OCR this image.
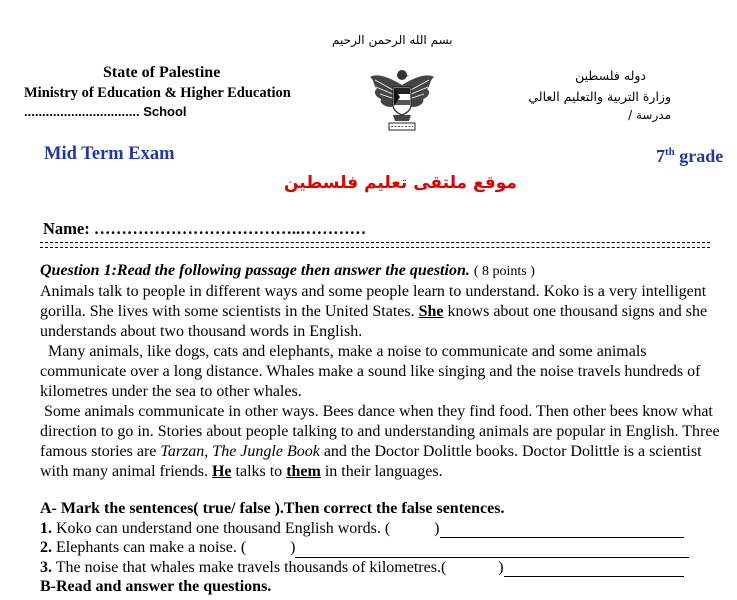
بسم الله الرحمن الرحيم
State of Palestine
Ministry of Education & Higher Education
................................ School
دوله فلسطين
وزارة التربية والتعليم العالي
مدرسة /
Mid Term Exam	7th grade
موقع ملتقى تعليم فلسطين
Name: ………………………………..…………

Question 1:Read the following passage then answer the question. ( 8 points )

Animals talk to people in different ways and some people learn to understand. Koko is a very intelligent gorilla. She lives with some scientists in the United States. She knows about one thousand signs and she understands about two thousand words in English.

Many animals, like dogs, cats and elephants, make a noise to communicate and some animals communicate over a long distance. Whales make a sound like singing and the noise travels hundreds of kilometres under the sea to other whales.

Some animals communicate in other ways. Bees dance when they find food. Then other bees know what direction to go in. Stories about people talking to and understanding animals are popular in English. Three famous stories are Tarzan, The Jungle Book and the Doctor Dolittle books. Doctor Dolittle is a scientist with many animal friends. He talks to them in their languages.

A- Mark the sentences( true/ false ).Then correct the false sentences.
1. Koko can understand one thousand English words. (	)
2. Elephants can make a noise. (	)
3. The noise that whales make travels thousands of kilometres.(	)
B-Read and answer the questions.
